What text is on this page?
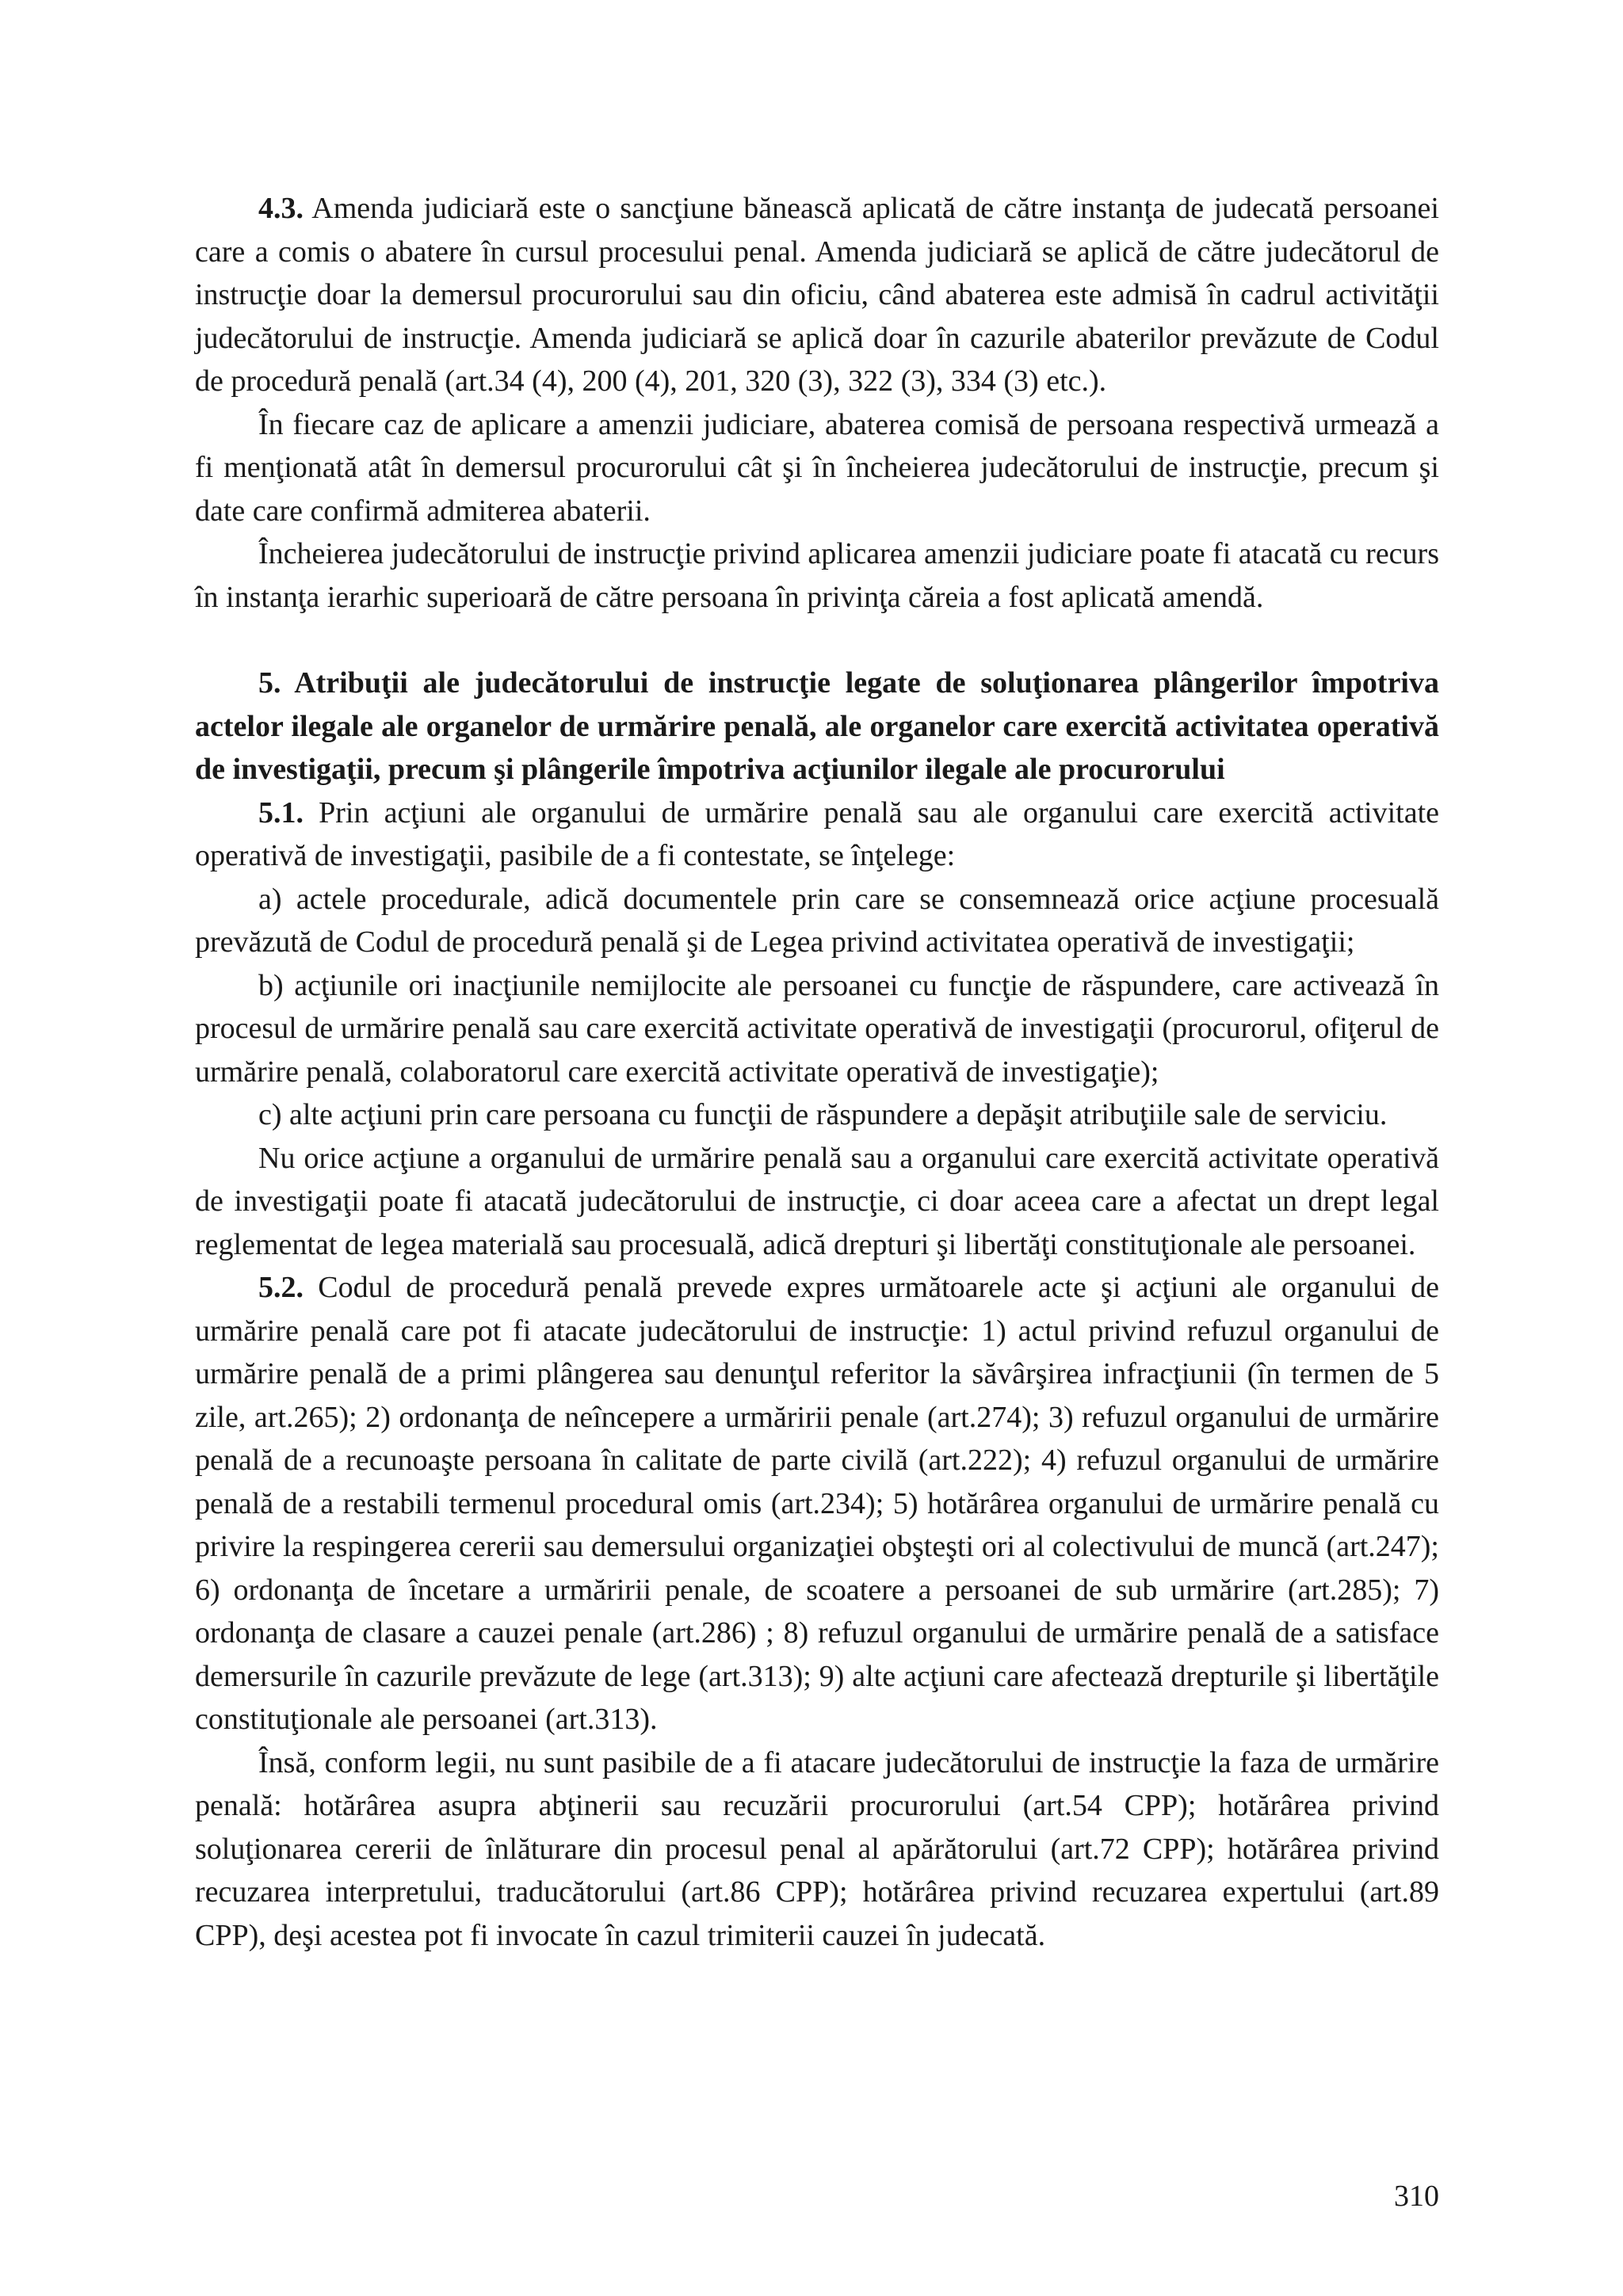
4.3. Amenda judiciară este o sancţiune bănească aplicată de către instanţa de judecată persoanei care a comis o abatere în cursul procesului penal. Amenda judiciară se aplică de către judecătorul de instrucţie doar la demersul procurorului sau din oficiu, când abaterea este admisă în cadrul activităţii judecătorului de instrucţie. Amenda judiciară se aplică doar în cazurile abaterilor prevăzute de Codul de procedură penală (art.34 (4), 200 (4), 201, 320 (3), 322 (3), 334 (3) etc.).

În fiecare caz de aplicare a amenzii judiciare, abaterea comisă de persoana respectivă urmează a fi menţionată atât în demersul procurorului cât şi în încheierea judecătorului de instrucţie, precum şi date care confirmă admiterea abaterii.

Încheierea judecătorului de instrucţie privind aplicarea amenzii judiciare poate fi atacată cu recurs în instanţa ierarhic superioară de către persoana în privinţa căreia a fost aplicată amendă.

5. Atribuţii ale judecătorului de instrucţie legate de soluţionarea plângerilor împotriva actelor ilegale ale organelor de urmărire penală, ale organelor care exercită activitatea operativă de investigaţii, precum şi plângerile împotriva acţiunilor ilegale ale procurorului

5.1. Prin acţiuni ale organului de urmărire penală sau ale organului care exercită activitate operativă de investigaţii, pasibile de a fi contestate, se înţelege:

a) actele procedurale, adică documentele prin care se consemnează orice acţiune procesuală prevăzută de Codul de procedură penală şi de Legea privind activitatea operativă de investigaţii;

b) acţiunile ori inacţiunile nemijlocite ale persoanei cu funcţie de răspundere, care activează în procesul de urmărire penală sau care exercită activitate operativă de investigaţii (procurorul, ofiţerul de urmărire penală, colaboratorul care exercită activitate operativă de investigaţie);

c) alte acţiuni prin care persoana cu funcţii de răspundere a depăşit atribuţiile sale de serviciu.

Nu orice acţiune a organului de urmărire penală sau a organului care exercită activitate operativă de investigaţii poate fi atacată judecătorului de instrucţie, ci doar aceea care a afectat un drept legal reglementat de legea materială sau procesuală, adică drepturi şi libertăţi constituţionale ale persoanei.

5.2. Codul de procedură penală prevede expres următoarele acte şi acţiuni ale organului de urmărire penală care pot fi atacate judecătorului de instrucţie: 1) actul privind refuzul organului de urmărire penală de a primi plângerea sau denunţul referitor la săvârşirea infracţiunii (în termen de 5 zile, art.265); 2) ordonanţa de neîncepere a urmăririi penale (art.274); 3) refuzul organului de urmărire penală de a recunoaşte persoana în calitate de parte civilă (art.222); 4) refuzul organului de urmărire penală de a restabili termenul procedural omis (art.234); 5) hotărârea organului de urmărire penală cu privire la respingerea cererii sau demersului organizaţiei obşteşti ori al colectivului de muncă (art.247); 6) ordonanţa de încetare a urmăririi penale, de scoatere a persoanei de sub urmărire (art.285); 7) ordonanţa de clasare a cauzei penale (art.286) ; 8) refuzul organului de urmărire penală de a satisface demersurile în cazurile prevăzute de lege (art.313); 9) alte acţiuni care afectează drepturile şi libertăţile constituţionale ale persoanei (art.313).

Însă, conform legii, nu sunt pasibile de a fi atacare judecătorului de instrucţie la faza de urmărire penală: hotărârea asupra abţinerii sau recuzării procurorului (art.54 CPP); hotărârea privind soluţionarea cererii de înlăturare din procesul penal al apărătorului (art.72 CPP); hotărârea privind recuzarea interpretului, traducătorului (art.86 CPP); hotărârea privind recuzarea expertului (art.89 CPP), deşi acestea pot fi invocate în cazul trimiterii cauzei în judecată.

310
